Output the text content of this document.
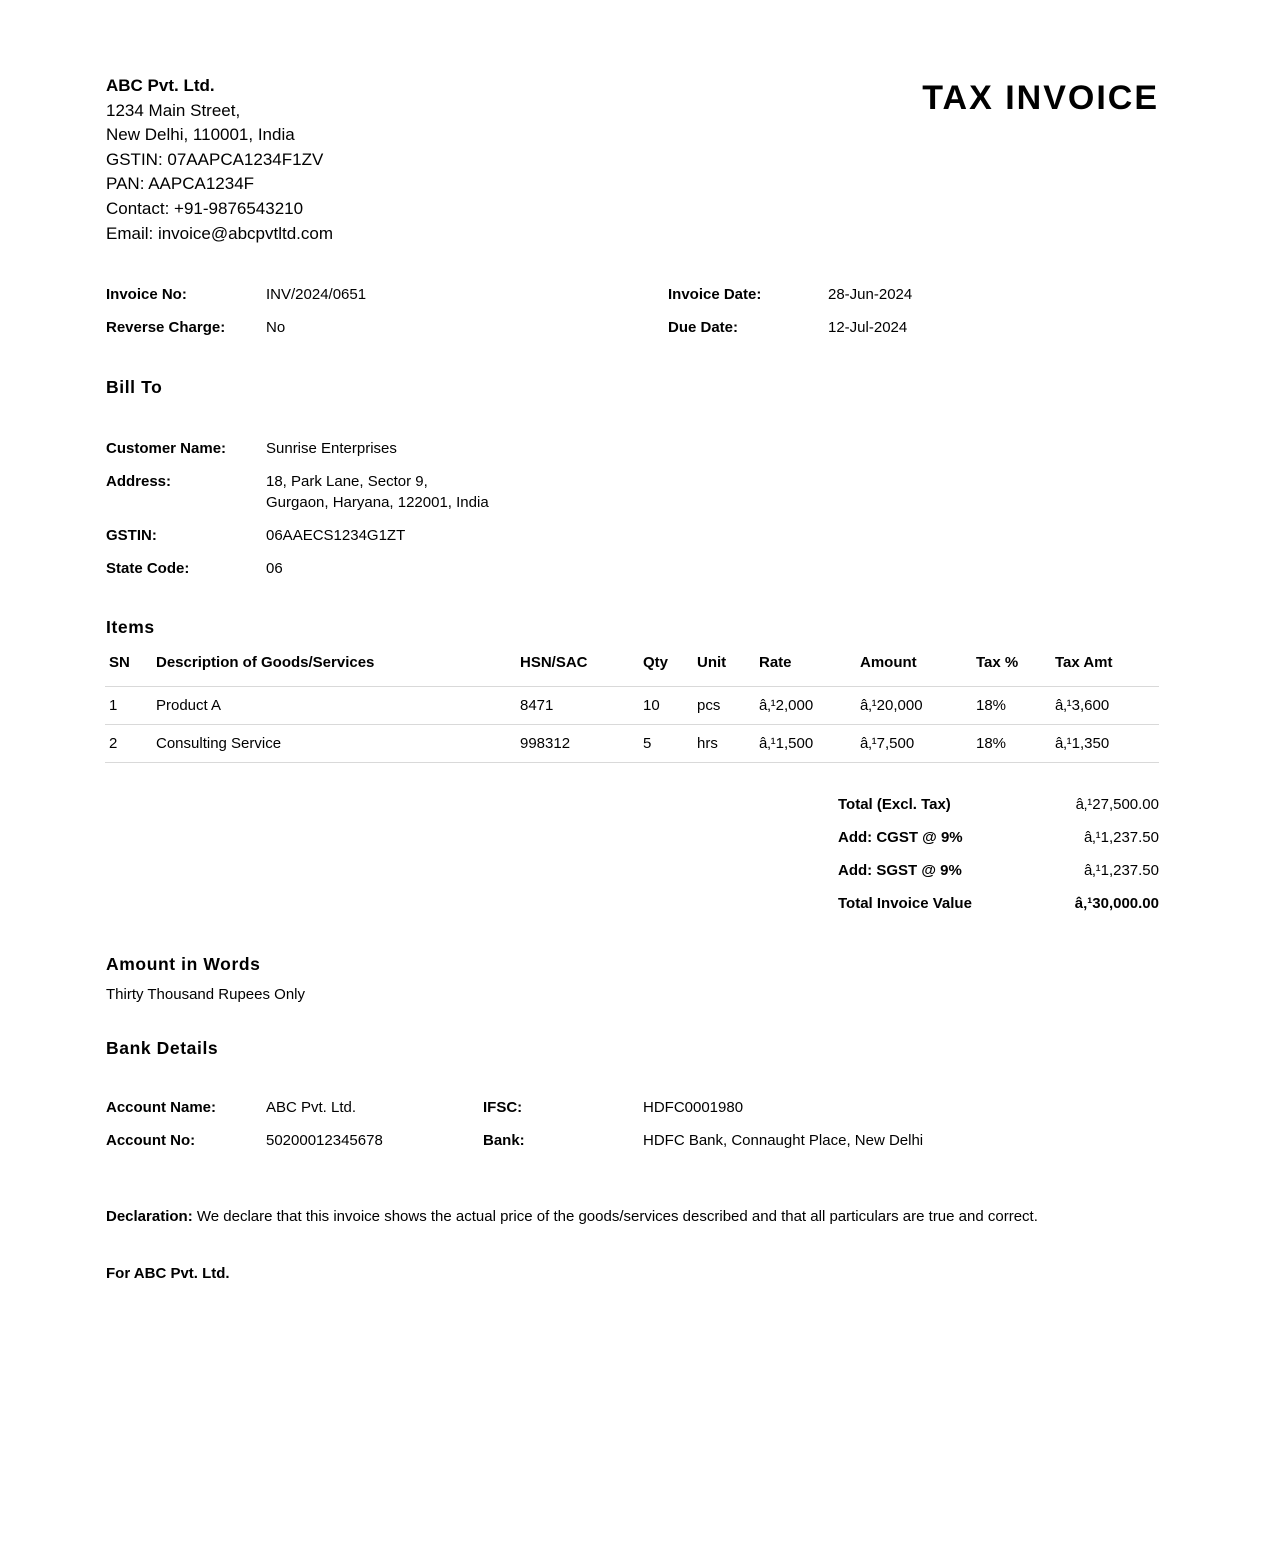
ABC Pvt. Ltd.
1234 Main Street,
New Delhi, 110001, India
GSTIN: 07AAPCA1234F1ZV
PAN: AAPCA1234F
Contact: +91-9876543210
Email: invoice@abcpvtltd.com
TAX INVOICE
Invoice No:	INV/2024/0651	Invoice Date:	28-Jun-2024
Reverse Charge:	No	Due Date:	12-Jul-2024
Bill To
Customer Name:	Sunrise Enterprises
Address:	18, Park Lane, Sector 9,
Gurgaon, Haryana, 122001, India
GSTIN:	06AAECS1234G1ZT
State Code:	06
Items
SN	Description of Goods/Services	HSN/SAC	Qty	Unit	Rate	Amount	Tax %	Tax Amt
1	Product A	8471	10	pcs	â‚¹2,000	â‚¹20,000	18%	â‚¹3,600
2	Consulting Service	998312	5	hrs	â‚¹1,500	â‚¹7,500	18%	â‚¹1,350
Total (Excl. Tax)	â‚¹27,500.00
Add: CGST @ 9%	â‚¹1,237.50
Add: SGST @ 9%	â‚¹1,237.50
Total Invoice Value	â‚¹30,000.00
Amount in Words
Thirty Thousand Rupees Only
Bank Details
Account Name:	ABC Pvt. Ltd.	IFSC:	HDFC0001980
Account No:	50200012345678	Bank:	HDFC Bank, Connaught Place, New Delhi
Declaration: We declare that this invoice shows the actual price of the goods/services described and that all particulars are true and correct.
For ABC Pvt. Ltd.
